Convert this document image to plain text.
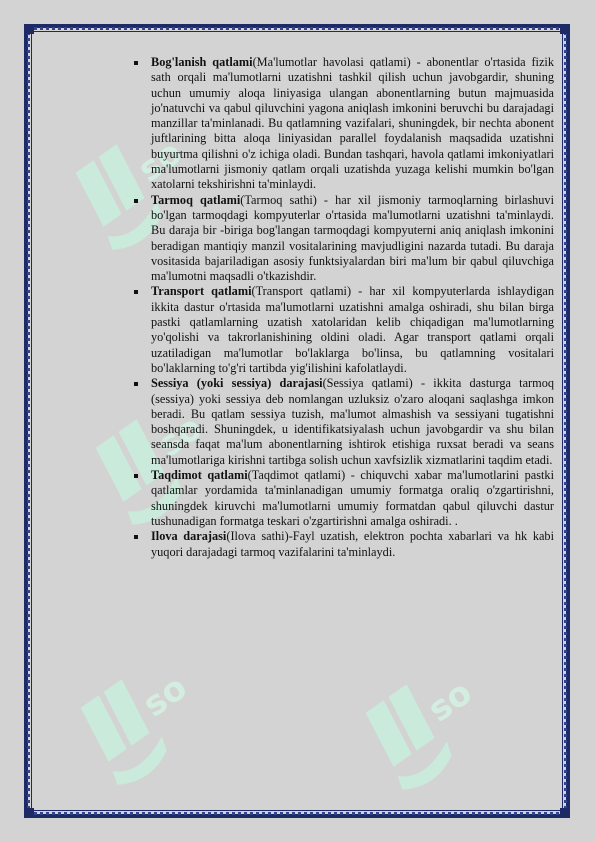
so
so
so	so
Bog'lanish qatlami(Ma'lumotlar havolasi qatlami) - abonentlar o'rtasida fizik sath orqali ma'lumotlarni uzatishni tashkil qilish uchun javobgardir, shuning uchun umumiy aloqa liniyasiga ulangan abonentlarning butun majmuasida jo'natuvchi va qabul qiluvchini yagona aniqlash imkonini beruvchi bu darajadagi manzillar ta'minlanadi. Bu qatlamning vazifalari, shuningdek, bir nechta abonent juftlarining bitta aloqa liniyasidan parallel foydalanish maqsadida uzatishni buyurtma qilishni o'z ichiga oladi. Bundan tashqari, havola qatlami imkoniyatlari ma'lumotlarni jismoniy qatlam orqali uzatishda yuzaga kelishi mumkin bo'lgan xatolarni tekshirishni ta'minlaydi.
Tarmoq qatlami(Tarmoq sathi) - har xil jismoniy tarmoqlarning birlashuvi bo'lgan tarmoqdagi kompyuterlar o'rtasida ma'lumotlarni uzatishni ta'minlaydi. Bu daraja bir -biriga bog'langan tarmoqdagi kompyuterni aniq aniqlash imkonini beradigan mantiqiy manzil vositalarining mavjudligini nazarda tutadi. Bu daraja vositasida bajariladigan asosiy funktsiyalardan biri ma'lum bir qabul qiluvchiga ma'lumotni maqsadli o'tkazishdir.
Transport qatlami(Transport qatlami) - har xil kompyuterlarda ishlaydigan ikkita dastur o'rtasida ma'lumotlarni uzatishni amalga oshiradi, shu bilan birga pastki qatlamlarning uzatish xatolaridan kelib chiqadigan ma'lumotlarning yo'qolishi va takrorlanishining oldini oladi. Agar transport qatlami orqali uzatiladigan ma'lumotlar bo'laklarga bo'linsa, bu qatlamning vositalari bo'laklarning to'g'ri tartibda yig'ilishini kafolatlaydi.
Sessiya (yoki sessiya) darajasi(Sessiya qatlami) - ikkita dasturga tarmoq (sessiya) yoki sessiya deb nomlangan uzluksiz o'zaro aloqani saqlashga imkon beradi. Bu qatlam sessiya tuzish, ma'lumot almashish va sessiyani tugatishni boshqaradi. Shuningdek, u identifikatsiyalash uchun javobgardir va shu bilan seansda faqat ma'lum abonentlarning ishtirok etishiga ruxsat beradi va seans ma'lumotlariga kirishni tartibga solish uchun xavfsizlik xizmatlarini taqdim etadi.
Taqdimot qatlami(Taqdimot qatlami) - chiquvchi xabar ma'lumotlarini pastki qatlamlar yordamida ta'minlanadigan umumiy formatga oraliq o'zgartirishni, shuningdek kiruvchi ma'lumotlarni umumiy formatdan qabul qiluvchi dastur tushunadigan formatga teskari o'zgartirishni amalga oshiradi. .
Ilova darajasi(Ilova sathi)-Fayl uzatish, elektron pochta xabarlari va hk kabi yuqori darajadagi tarmoq vazifalarini ta'minlaydi.
